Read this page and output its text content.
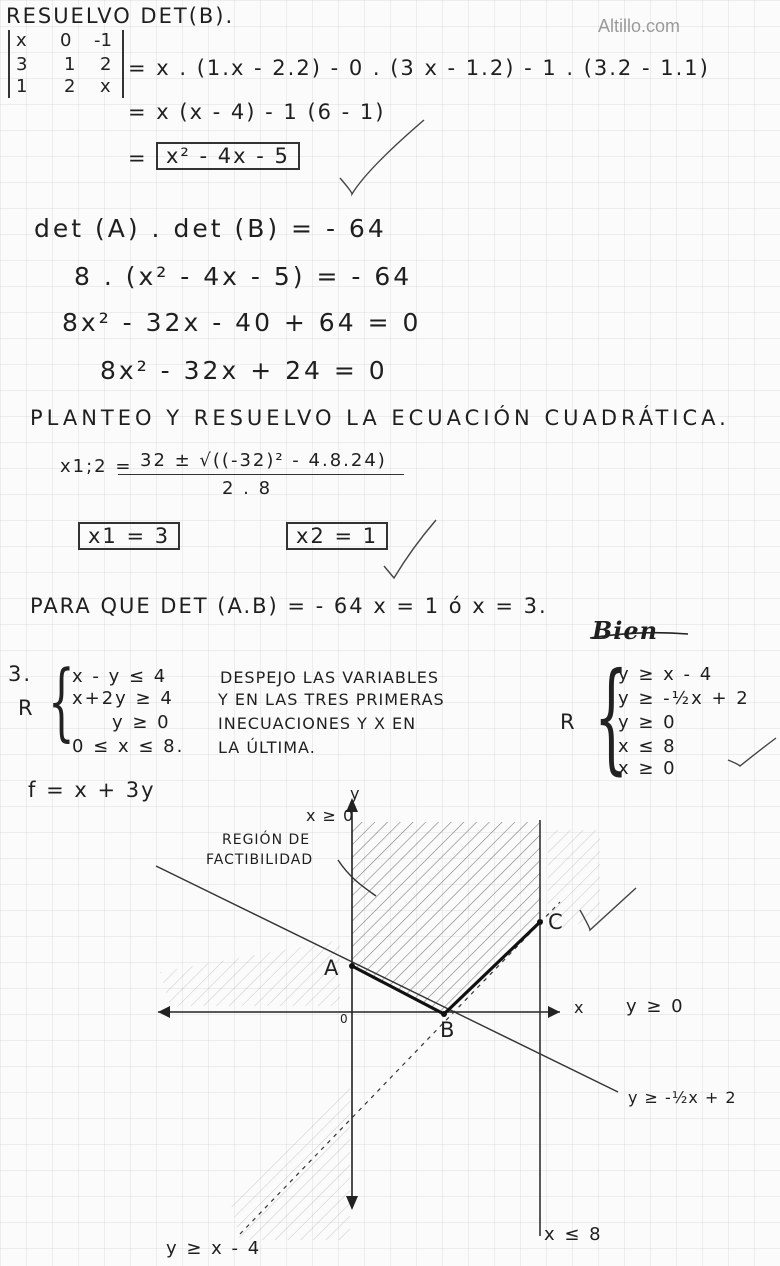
Altillo.com
RESUELVO DET(B).
x 0 -1
3 1 2
1 2 x
= x . (1.x - 2.2) - 0 . (3 x - 1.2) - 1 . (3.2 - 1.1)
= x (x - 4) - 1 (6 - 1)
= x² - 4x - 5
det (A) . det (B) = - 64
8 . (x² - 4x - 5) = - 64
8x² - 32x - 40 + 64 = 0
8x² - 32x + 24 = 0
PLANTEO Y RESUELVO LA ECUACIÓN CUADRÁTICA.
x1;2 = 32 ± √((-32)² - 4.8.24)
2 . 8
x1 = 3	x2 = 1
PARA QUE DET (A.B) = - 64 x = 1 ó x = 3.
Bien
3.
R {
x - y ≤ 4
x+2y ≥ 4
y ≥ 0
0 ≤ x ≤ 8.
DESPEJO LAS VARIABLES
Y EN LAS TRES PRIMERAS
INECUACIONES Y X EN
LA ÚLTIMA.
R {
y ≥ x - 4
y ≥ -½x + 2
y ≥ 0
x ≤ 8
x ≥ 0
f = x + 3y	y
x ≥ 0
REGIÓN DE
FACTIBILIDAD
C
A
x y ≥ 0
0	B
y ≥ -½x + 2
x ≤ 8
y ≥ x - 4
